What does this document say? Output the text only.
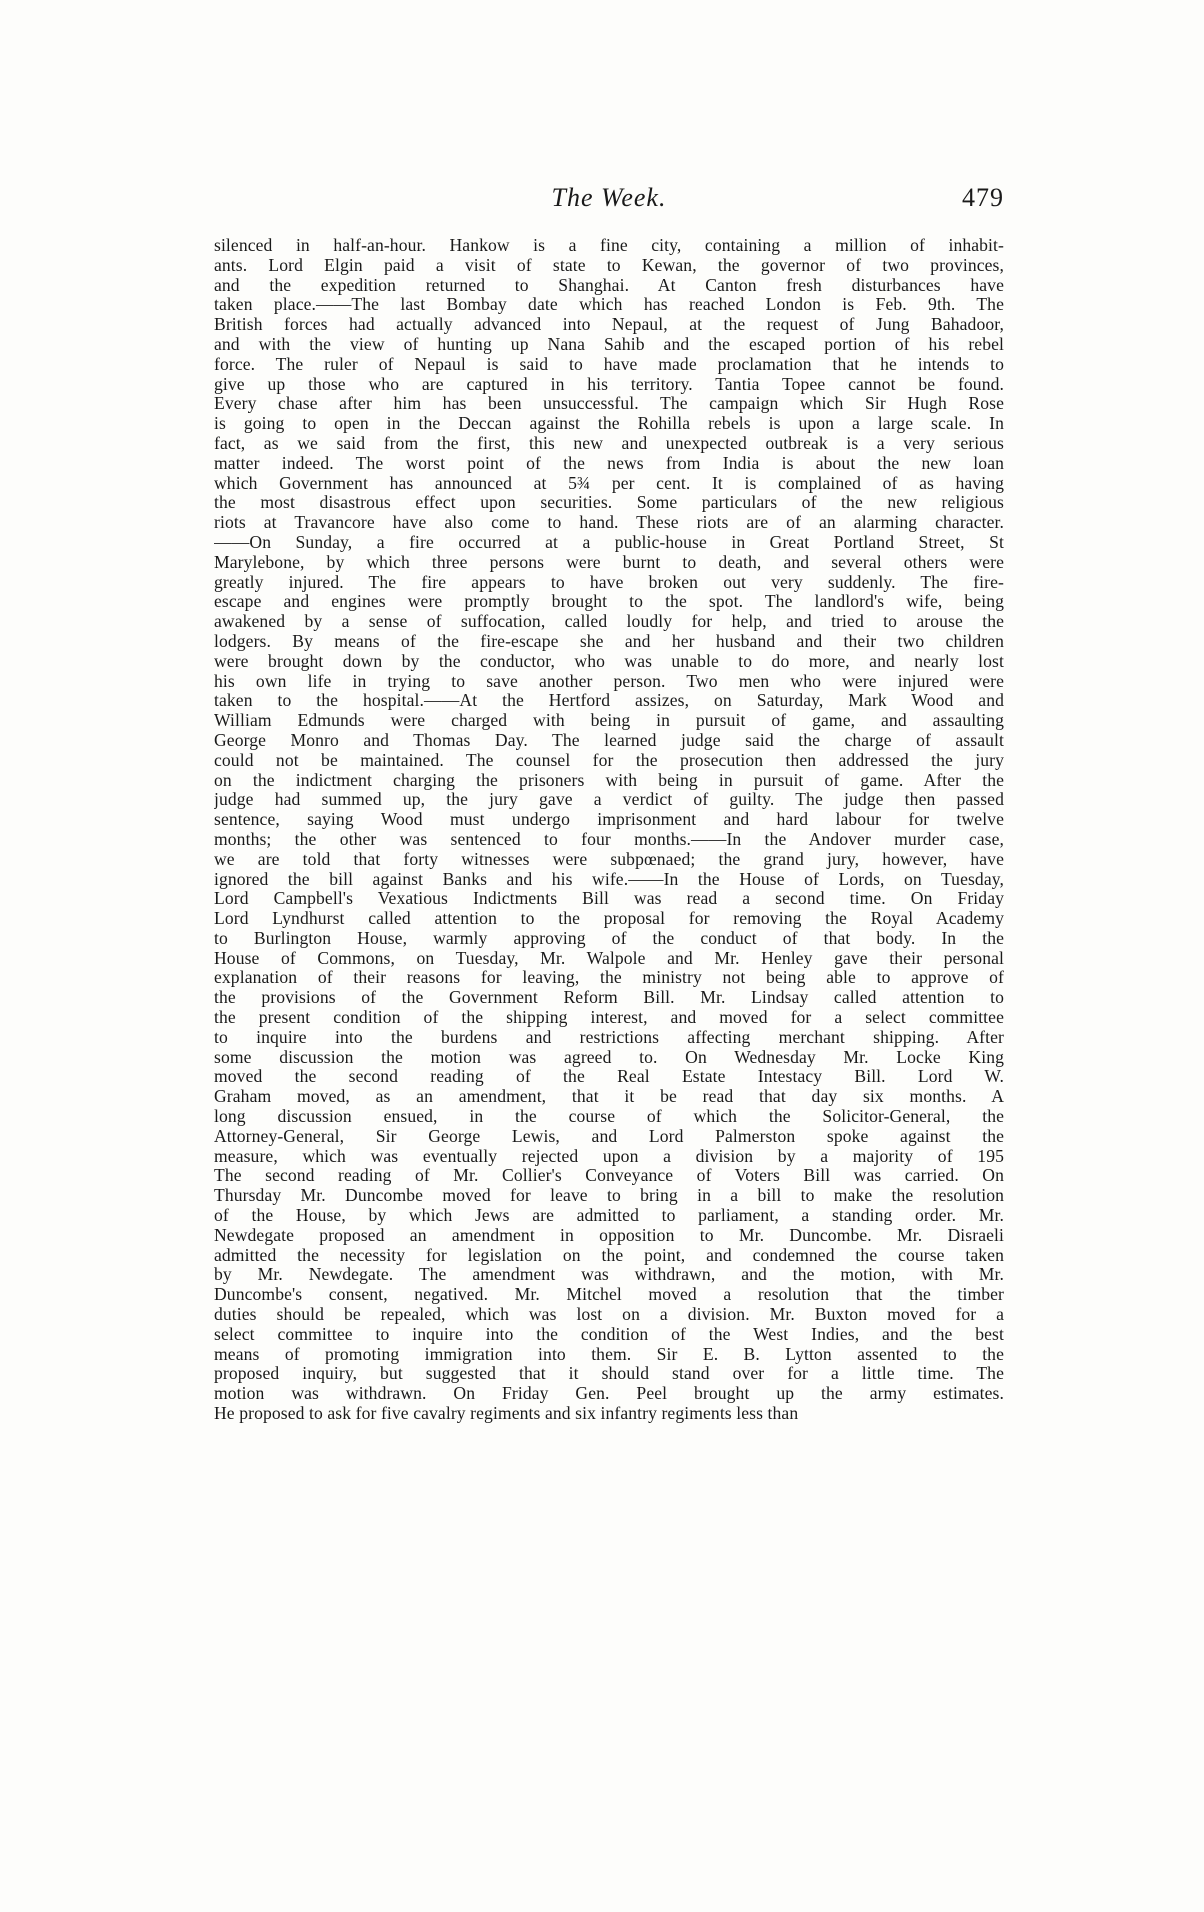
The Week.	479
silenced in half-an-hour. Hankow is a fine city, containing a million of inhabit-
ants. Lord Elgin paid a visit of state to Kewan, the governor of two provinces,
and the expedition returned to Shanghai. At Canton fresh disturbances have
taken place.——The last Bombay date which has reached London is Feb. 9th. The
British forces had actually advanced into Nepaul, at the request of Jung Bahadoor,
and with the view of hunting up Nana Sahib and the escaped portion of his rebel
force. The ruler of Nepaul is said to have made proclamation that he intends to
give up those who are captured in his territory. Tantia Topee cannot be found.
Every chase after him has been unsuccessful. The campaign which Sir Hugh Rose
is going to open in the Deccan against the Rohilla rebels is upon a large scale. In
fact, as we said from the first, this new and unexpected outbreak is a very serious
matter indeed. The worst point of the news from India is about the new loan
which Government has announced at 5¾ per cent. It is complained of as having
the most disastrous effect upon securities. Some particulars of the new religious
riots at Travancore have also come to hand. These riots are of an alarming character.
——On Sunday, a fire occurred at a public-house in Great Portland Street, St
Marylebone, by which three persons were burnt to death, and several others were
greatly injured. The fire appears to have broken out very suddenly. The fire-
escape and engines were promptly brought to the spot. The landlord's wife, being
awakened by a sense of suffocation, called loudly for help, and tried to arouse the
lodgers. By means of the fire-escape she and her husband and their two children
were brought down by the conductor, who was unable to do more, and nearly lost
his own life in trying to save another person. Two men who were injured were
taken to the hospital.——At the Hertford assizes, on Saturday, Mark Wood and
William Edmunds were charged with being in pursuit of game, and assaulting
George Monro and Thomas Day. The learned judge said the charge of assault
could not be maintained. The counsel for the prosecution then addressed the jury
on the indictment charging the prisoners with being in pursuit of game. After the
judge had summed up, the jury gave a verdict of guilty. The judge then passed
sentence, saying Wood must undergo imprisonment and hard labour for twelve
months; the other was sentenced to four months.——In the Andover murder case,
we are told that forty witnesses were subpœnaed; the grand jury, however, have
ignored the bill against Banks and his wife.——In the House of Lords, on Tuesday,
Lord Campbell's Vexatious Indictments Bill was read a second time. On Friday
Lord Lyndhurst called attention to the proposal for removing the Royal Academy
to Burlington House, warmly approving of the conduct of that body. In the
House of Commons, on Tuesday, Mr. Walpole and Mr. Henley gave their personal
explanation of their reasons for leaving, the ministry not being able to approve of
the provisions of the Government Reform Bill. Mr. Lindsay called attention to
the present condition of the shipping interest, and moved for a select committee
to inquire into the burdens and restrictions affecting merchant shipping. After
some discussion the motion was agreed to. On Wednesday Mr. Locke King
moved the second reading of the Real Estate Intestacy Bill. Lord W.
Graham moved, as an amendment, that it be read that day six months. A
long discussion ensued, in the course of which the Solicitor-General, the
Attorney-General, Sir George Lewis, and Lord Palmerston spoke against the
measure, which was eventually rejected upon a division by a majority of 195
The second reading of Mr. Collier's Conveyance of Voters Bill was carried. On
Thursday Mr. Duncombe moved for leave to bring in a bill to make the resolution
of the House, by which Jews are admitted to parliament, a standing order. Mr.
Newdegate proposed an amendment in opposition to Mr. Duncombe. Mr. Disraeli
admitted the necessity for legislation on the point, and condemned the course taken
by Mr. Newdegate. The amendment was withdrawn, and the motion, with Mr.
Duncombe's consent, negatived. Mr. Mitchel moved a resolution that the timber
duties should be repealed, which was lost on a division. Mr. Buxton moved for a
select committee to inquire into the condition of the West Indies, and the best
means of promoting immigration into them. Sir E. B. Lytton assented to the
proposed inquiry, but suggested that it should stand over for a little time. The
motion was withdrawn. On Friday Gen. Peel brought up the army estimates.
He proposed to ask for five cavalry regiments and six infantry regiments less than
